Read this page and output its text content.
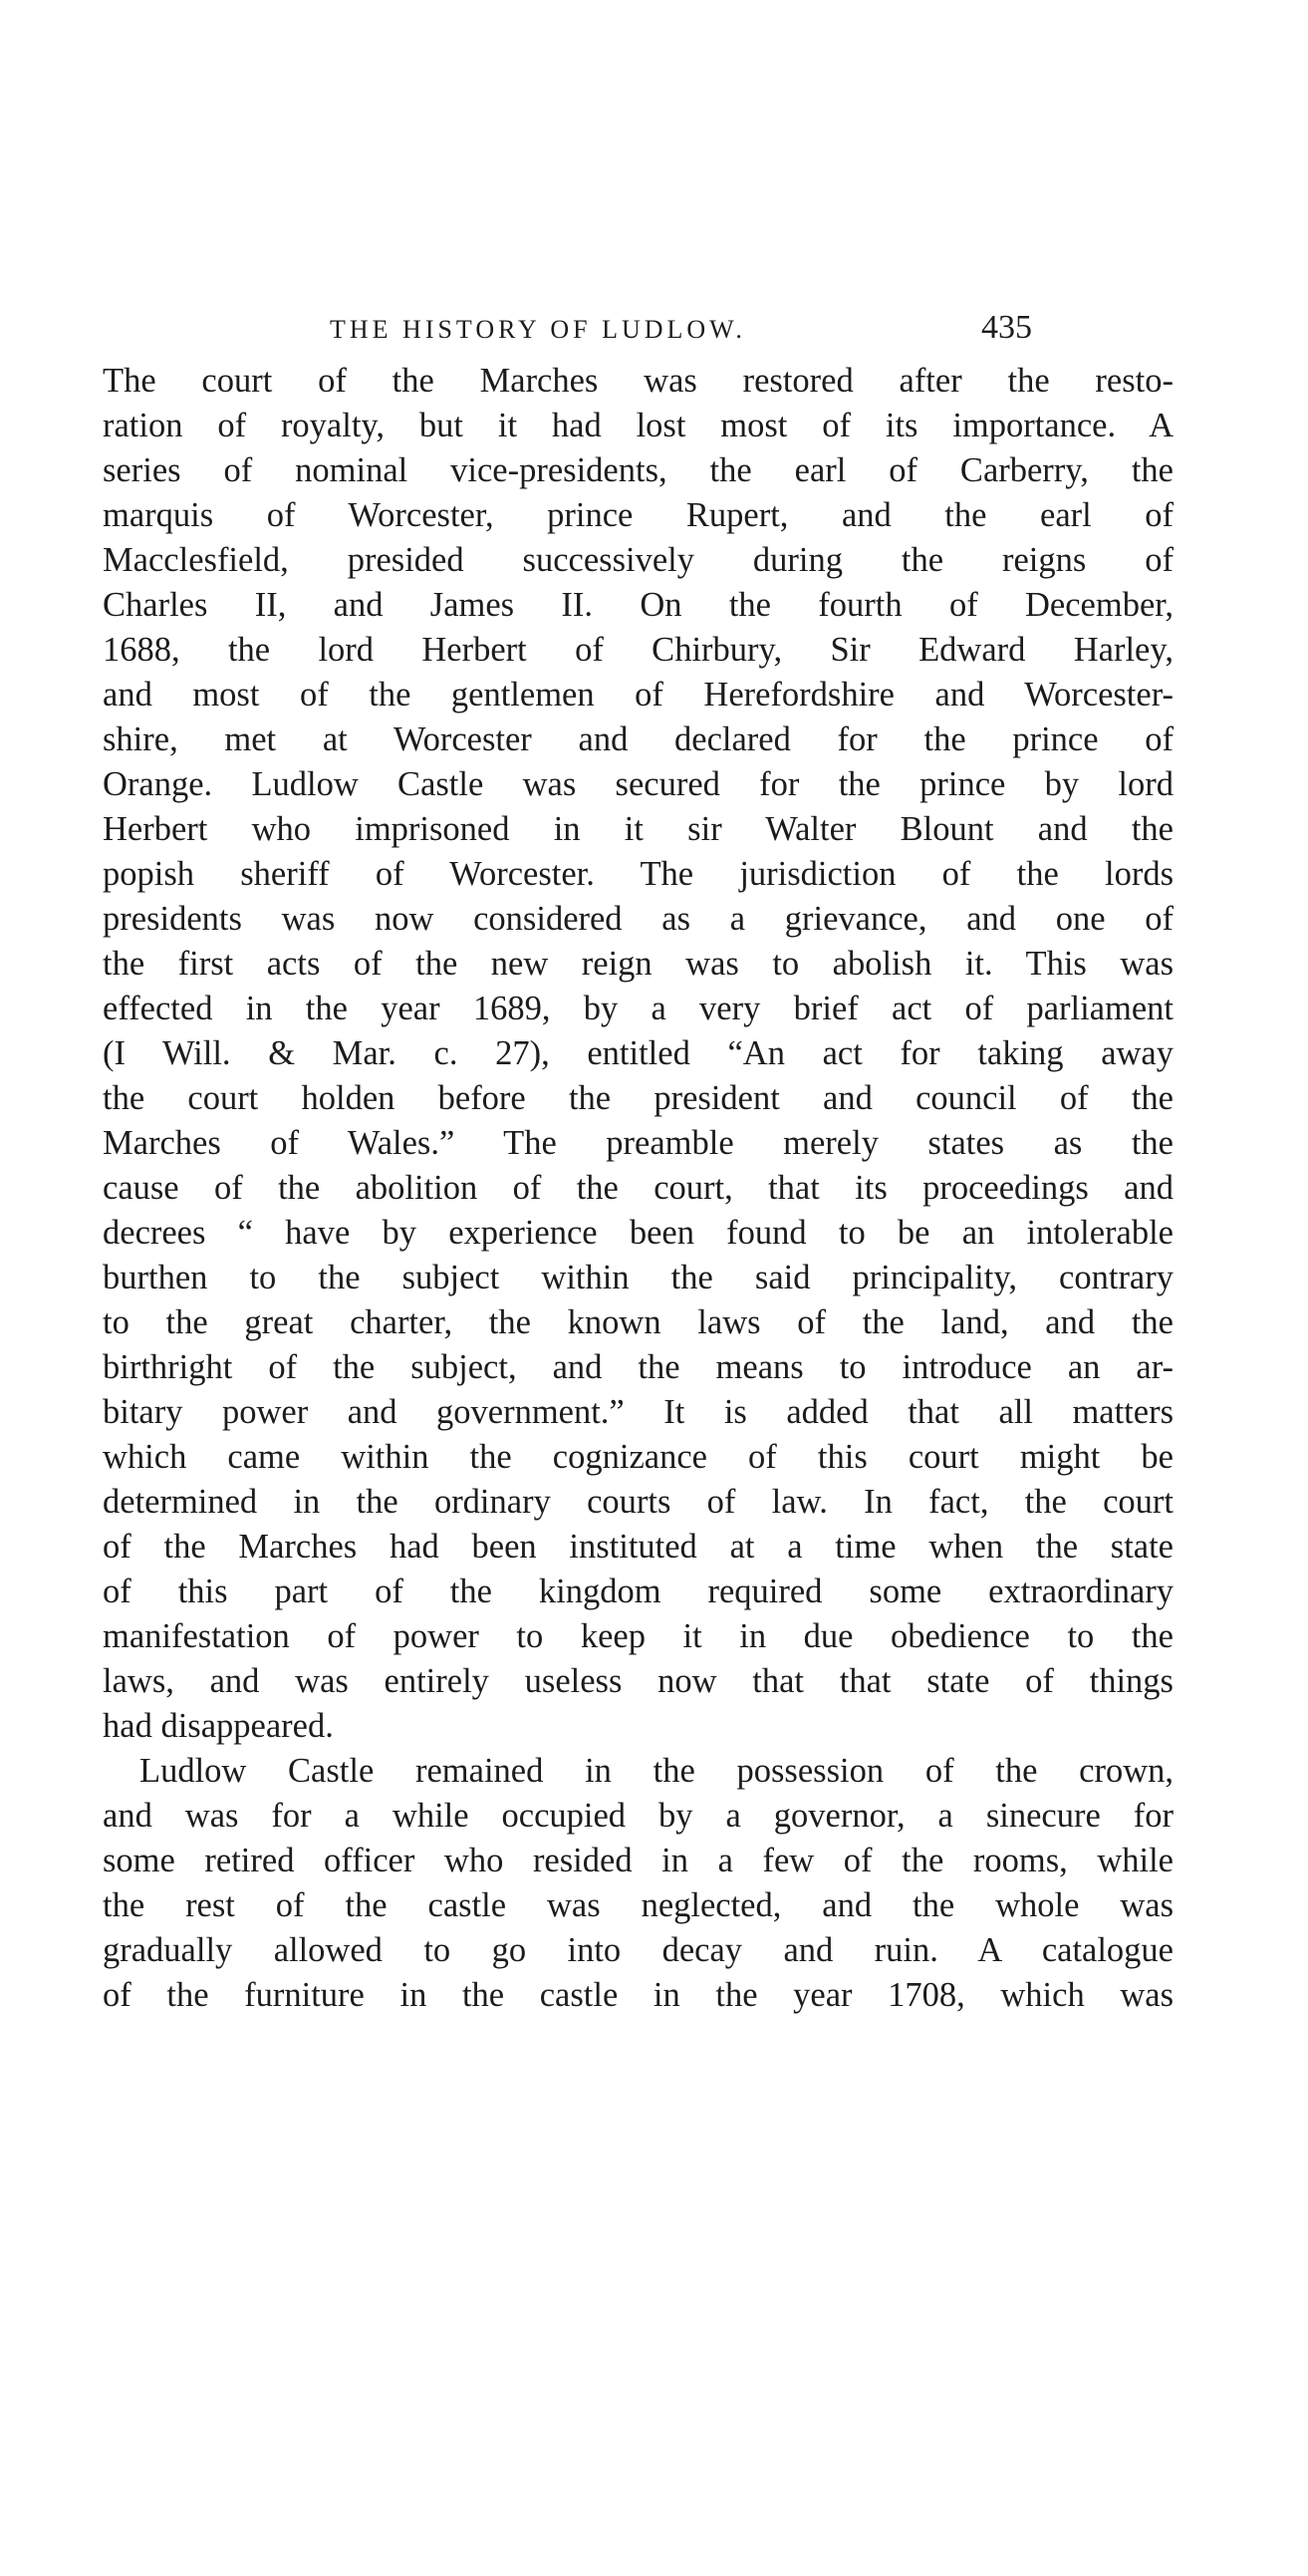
THE HISTORY OF LUDLOW.	435
The court of the Marches was restored after the resto-
ration of royalty, but it had lost most of its importance. A
series of nominal vice-presidents, the earl of Carberry, the
marquis of Worcester, prince Rupert, and the earl of
Macclesfield, presided successively during the reigns of
Charles II, and James II. On the fourth of December,
1688, the lord Herbert of Chirbury, Sir Edward Harley,
and most of the gentlemen of Herefordshire and Worcester-
shire, met at Worcester and declared for the prince of
Orange. Ludlow Castle was secured for the prince by lord
Herbert who imprisoned in it sir Walter Blount and the
popish sheriff of Worcester. The jurisdiction of the lords
presidents was now considered as a grievance, and one of
the first acts of the new reign was to abolish it. This was
effected in the year 1689, by a very brief act of parliament
(I Will. & Mar. c. 27), entitled “An act for taking away
the court holden before the president and council of the
Marches of Wales.” The preamble merely states as the
cause of the abolition of the court, that its proceedings and
decrees “ have by experience been found to be an intolerable
burthen to the subject within the said principality, contrary
to the great charter, the known laws of the land, and the
birthright of the subject, and the means to introduce an ar-
bitary power and government.” It is added that all matters
which came within the cognizance of this court might be
determined in the ordinary courts of law. In fact, the court
of the Marches had been instituted at a time when the state
of this part of the kingdom required some extraordinary
manifestation of power to keep it in due obedience to the
laws, and was entirely useless now that that state of things
had disappeared.
Ludlow Castle remained in the possession of the crown,
and was for a while occupied by a governor, a sinecure for
some retired officer who resided in a few of the rooms, while
the rest of the castle was neglected, and the whole was
gradually allowed to go into decay and ruin. A catalogue
of the furniture in the castle in the year 1708, which was
